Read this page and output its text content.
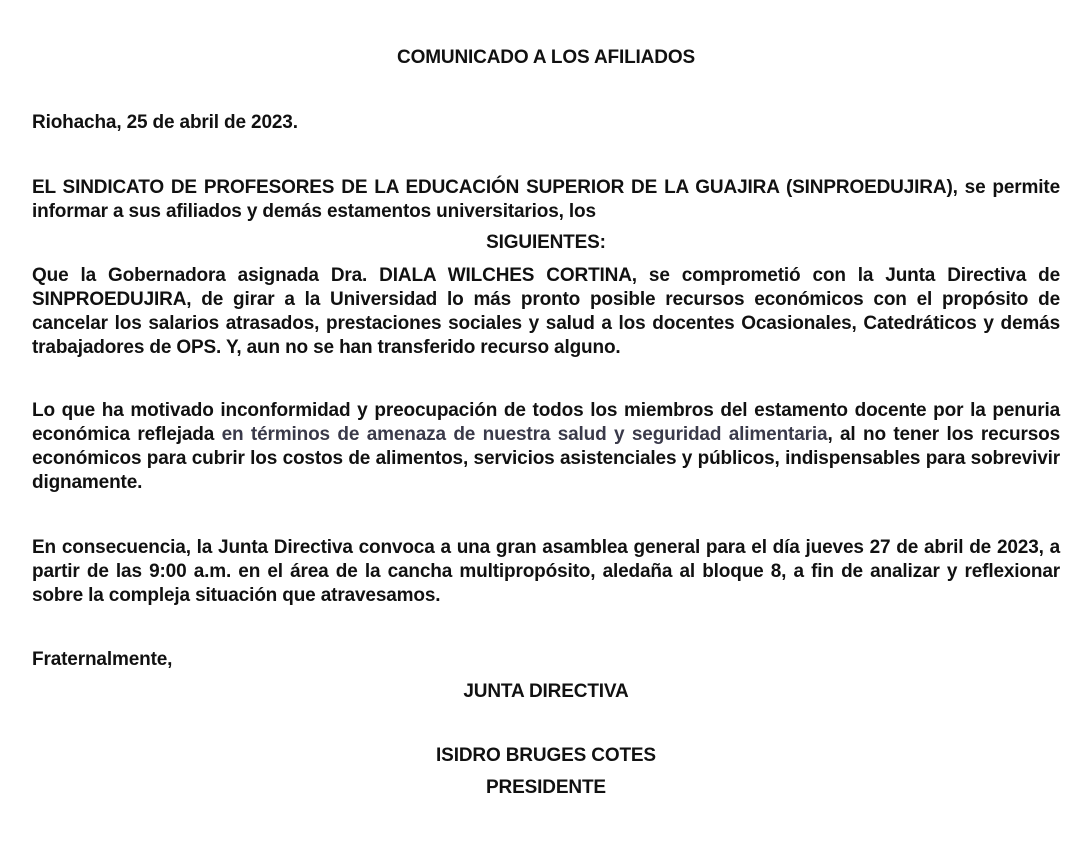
COMUNICADO A LOS AFILIADOS
Riohacha, 25 de abril de 2023.
EL SINDICATO DE PROFESORES DE LA EDUCACIÓN SUPERIOR DE LA GUAJIRA (SINPROEDUJIRA), se permite informar a sus afiliados y demás estamentos universitarios, los
SIGUIENTES:
Que la Gobernadora asignada Dra. DIALA WILCHES CORTINA, se comprometió con la Junta Directiva de SINPROEDUJIRA, de girar a la Universidad lo más pronto posible recursos económicos con el propósito de cancelar los salarios atrasados, prestaciones sociales y salud a los docentes Ocasionales, Catedráticos y demás trabajadores de OPS. Y, aun no se han transferido recurso alguno.
Lo que ha motivado inconformidad y preocupación de todos los miembros del estamento docente por la penuria económica reflejada en términos de amenaza de nuestra salud y seguridad alimentaria, al no tener los recursos económicos para cubrir los costos de alimentos, servicios asistenciales y públicos, indispensables para sobrevivir dignamente.
En consecuencia, la Junta Directiva convoca a una gran asamblea general para el día jueves 27 de abril de 2023, a partir de las 9:00 a.m. en el área de la cancha multipropósito, aledaña al bloque 8, a fin de analizar y reflexionar sobre la compleja situación que atravesamos.
Fraternalmente,
JUNTA DIRECTIVA
ISIDRO BRUGES COTES
PRESIDENTE
